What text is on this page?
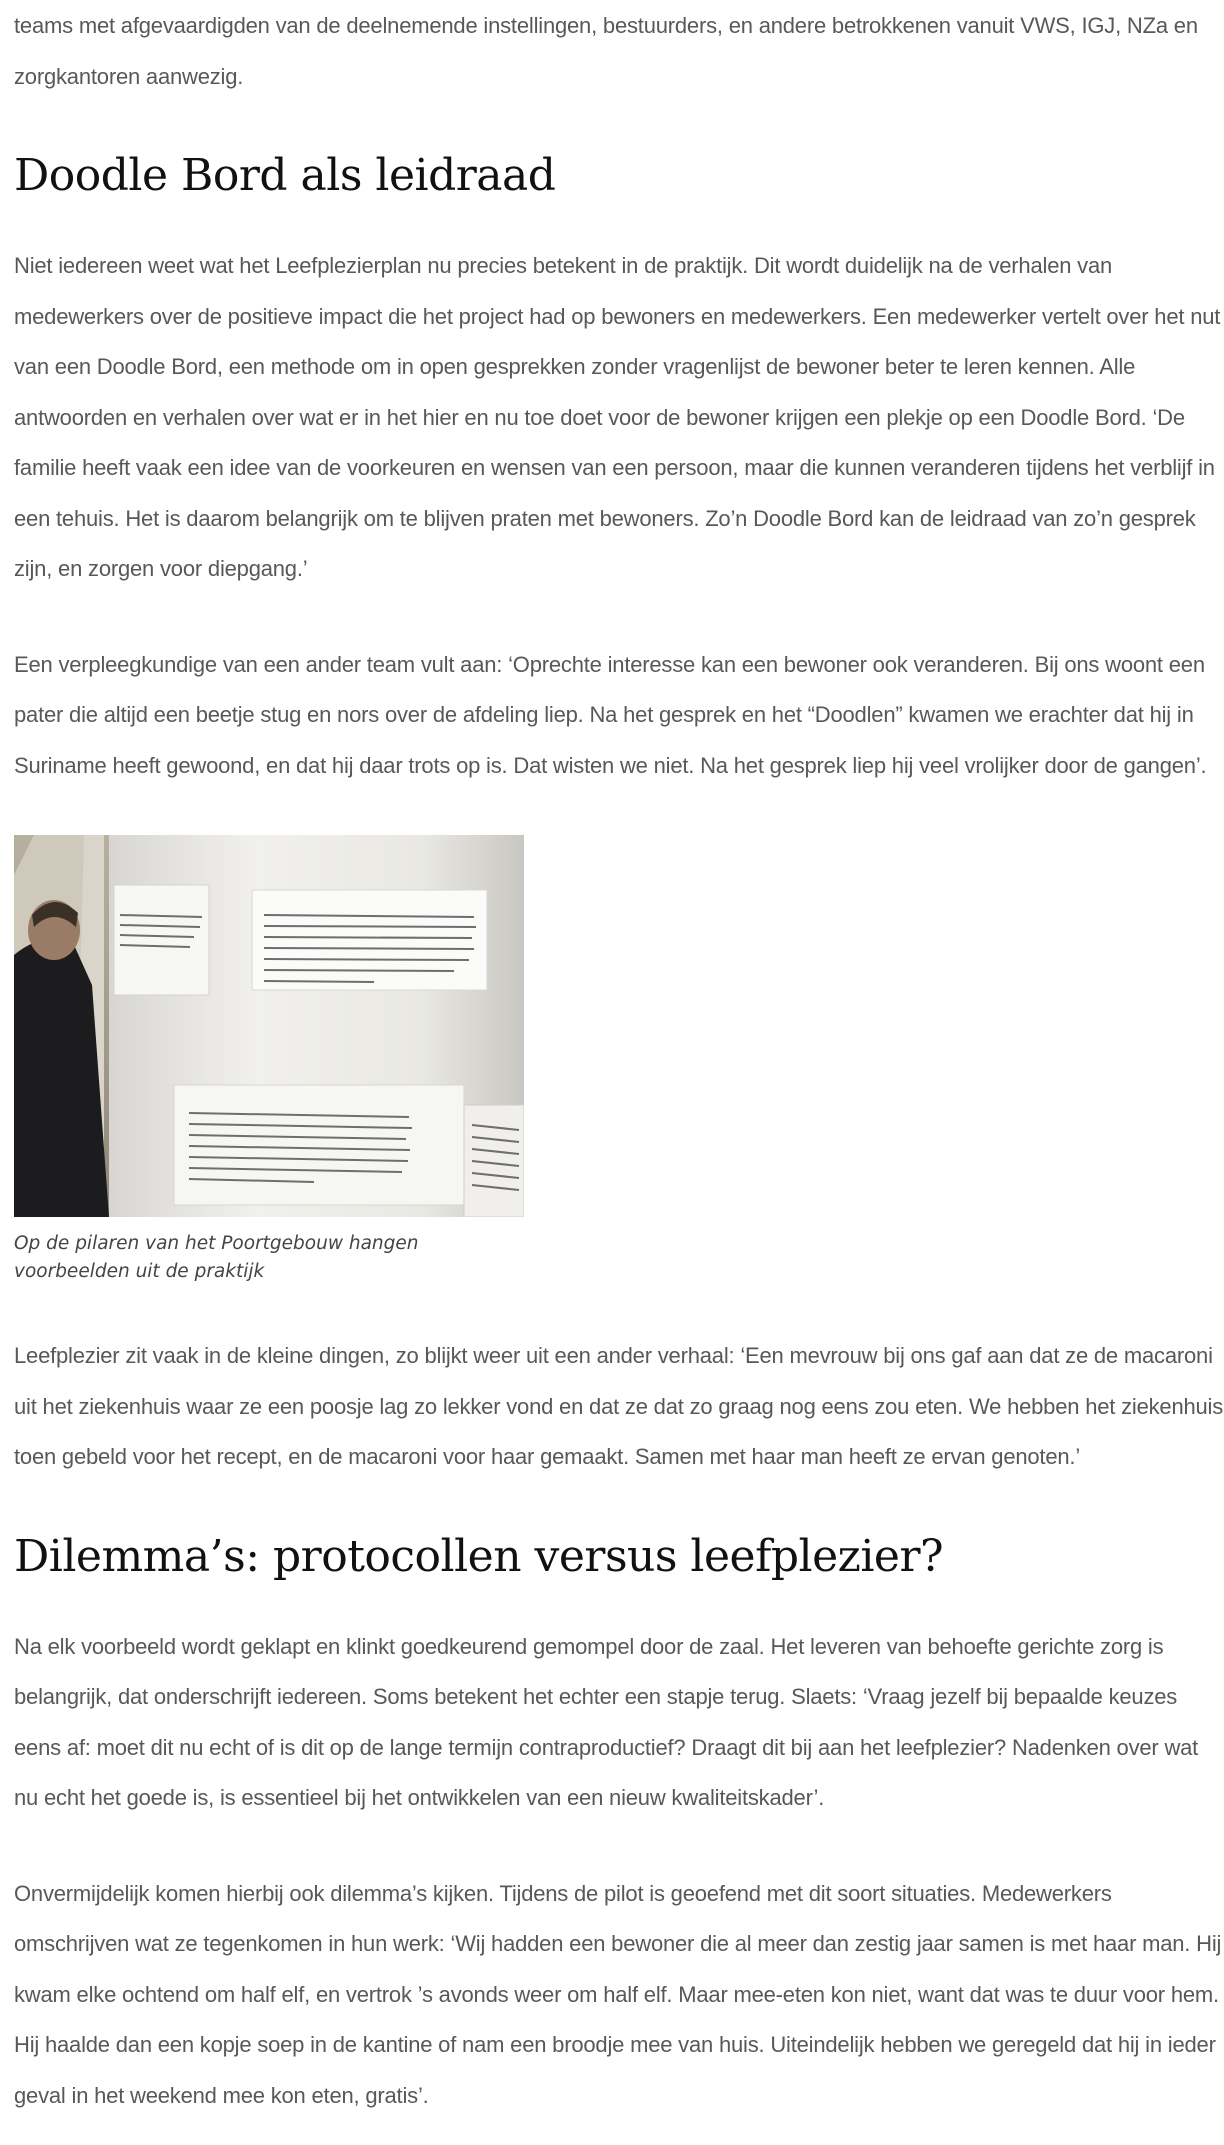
teams met afgevaardigden van de deelnemende instellingen, bestuurders, en andere betrokkenen vanuit VWS, IGJ, NZa en zorgkantoren aanwezig.

Doodle Bord als leidraad

Niet iedereen weet wat het Leefplezierplan nu precies betekent in de praktijk. Dit wordt duidelijk na de verhalen van medewerkers over de positieve impact die het project had op bewoners en medewerkers. Een medewerker vertelt over het nut van een Doodle Bord, een methode om in open gesprekken zonder vragenlijst de bewoner beter te leren kennen. Alle antwoorden en verhalen over wat er in het hier en nu toe doet voor de bewoner krijgen een plekje op een Doodle Bord. ‘De familie heeft vaak een idee van de voorkeuren en wensen van een persoon, maar die kunnen veranderen tijdens het verblijf in een tehuis. Het is daarom belangrijk om te blijven praten met bewoners. Zo’n Doodle Bord kan de leidraad van zo’n gesprek zijn, en zorgen voor diepgang.’

Een verpleegkundige van een ander team vult aan: ‘Oprechte interesse kan een bewoner ook veranderen. Bij ons woont een pater die altijd een beetje stug en nors over de afdeling liep. Na het gesprek en het “Doodlen” kwamen we erachter dat hij in Suriname heeft gewoond, en dat hij daar trots op is. Dat wisten we niet. Na het gesprek liep hij veel vrolijker door de gangen’.

Op de pilaren van het Poortgebouw hangen voorbeelden uit de praktijk

Leefplezier zit vaak in de kleine dingen, zo blijkt weer uit een ander verhaal: ‘Een mevrouw bij ons gaf aan dat ze de macaroni uit het ziekenhuis waar ze een poosje lag zo lekker vond en dat ze dat zo graag nog eens zou eten. We hebben het ziekenhuis toen gebeld voor het recept, en de macaroni voor haar gemaakt. Samen met haar man heeft ze ervan genoten.’

Dilemma’s: protocollen versus leefplezier?

Na elk voorbeeld wordt geklapt en klinkt goedkeurend gemompel door de zaal. Het leveren van behoefte gerichte zorg is belangrijk, dat onderschrijft iedereen. Soms betekent het echter een stapje terug. Slaets: ‘Vraag jezelf bij bepaalde keuzes eens af: moet dit nu echt of is dit op de lange termijn contraproductief? Draagt dit bij aan het leefplezier? Nadenken over wat nu echt het goede is, is essentieel bij het ontwikkelen van een nieuw kwaliteitskader’.

Onvermijdelijk komen hierbij ook dilemma’s kijken. Tijdens de pilot is geoefend met dit soort situaties. Medewerkers omschrijven wat ze tegenkomen in hun werk: ‘Wij hadden een bewoner die al meer dan zestig jaar samen is met haar man. Hij kwam elke ochtend om half elf, en vertrok ’s avonds weer om half elf. Maar mee-eten kon niet, want dat was te duur voor hem. Hij haalde dan een kopje soep in de kantine of nam een broodje mee van huis. Uiteindelijk hebben we geregeld dat hij in ieder geval in het weekend mee kon eten, gratis’.
